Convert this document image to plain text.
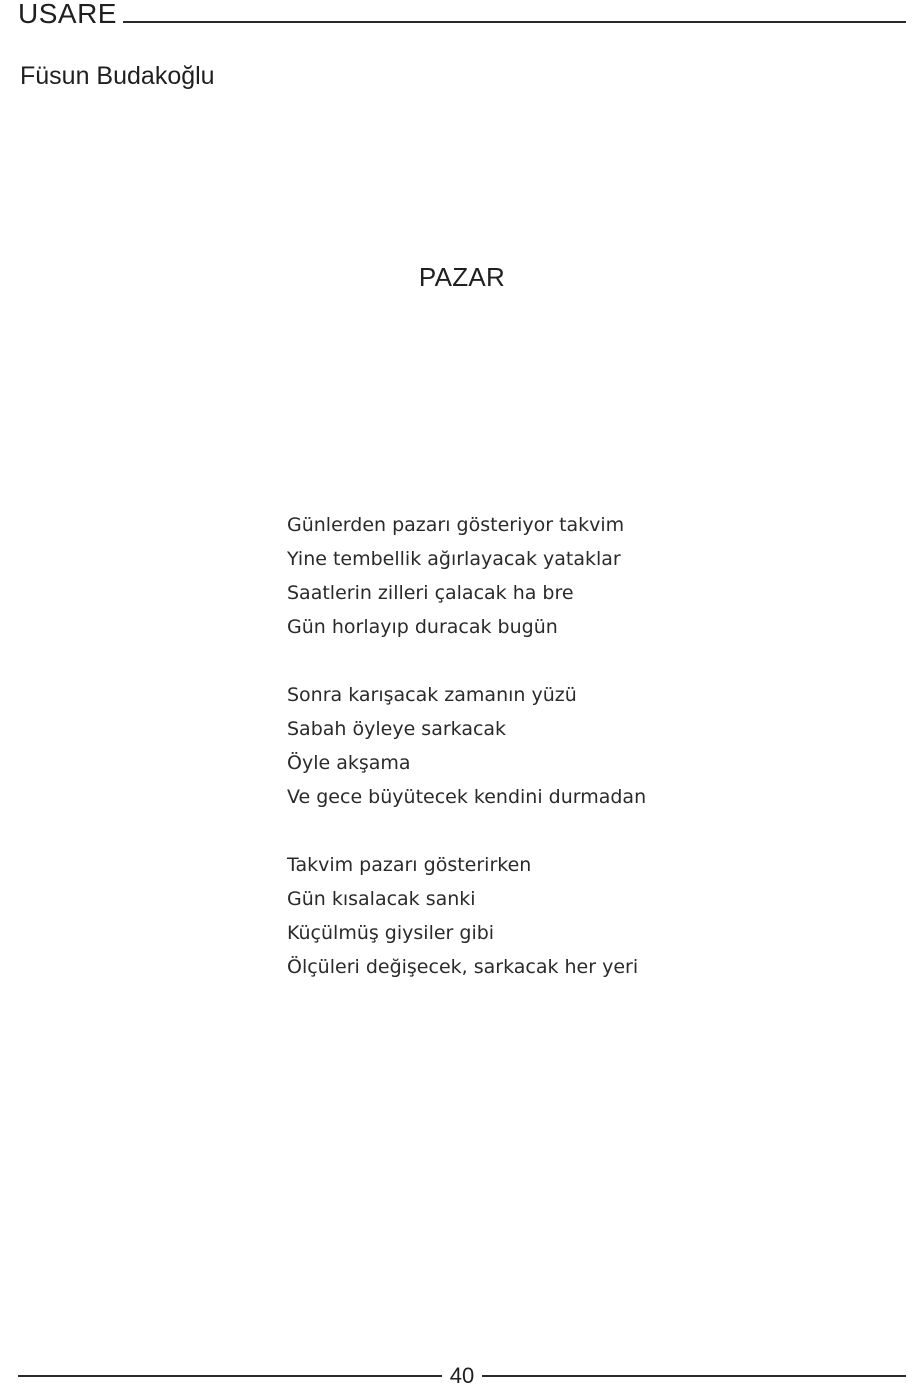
USARE
Füsun Budakoğlu
PAZAR
Günlerden pazarı gösteriyor takvim
Yine tembellik ağırlayacak yataklar
Saatlerin zilleri çalacak ha bre
Gün horlayıp duracak bugün
Sonra karışacak zamanın yüzü
Sabah öyleye sarkacak
Öyle akşama
Ve gece büyütecek kendini durmadan
Takvim pazarı gösterirken
Gün kısalacak sanki
Küçülmüş giysiler gibi
Ölçüleri değişecek, sarkacak her yeri
40
